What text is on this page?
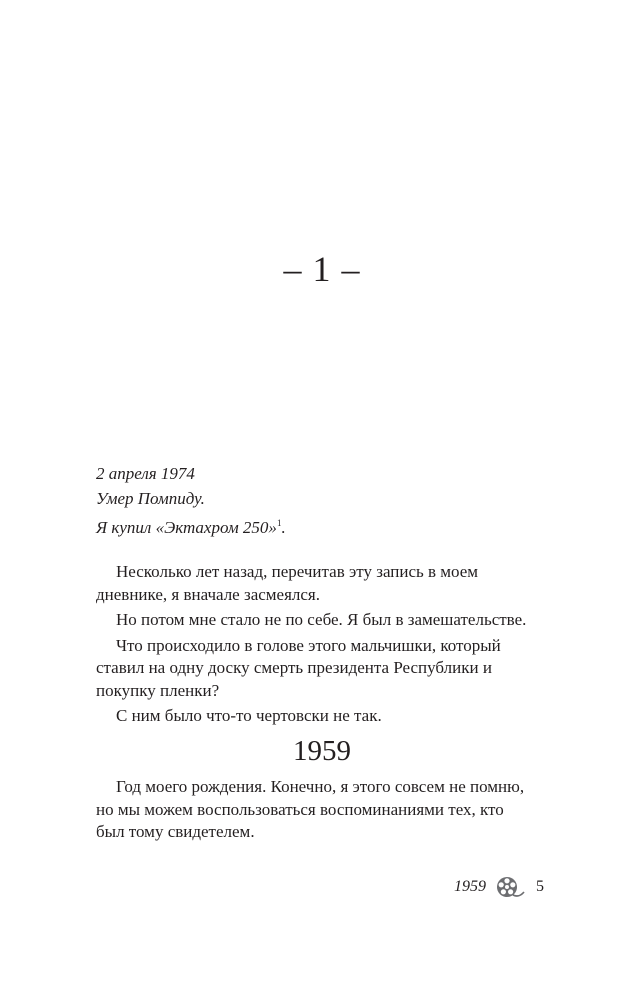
– 1 –
2 апреля 1974
Умер Помпиду.
Я купил «Эктахром 250»$^1$.

Несколько лет назад, перечитав эту запись в моем дневнике, я вначале засмеялся.

Но потом мне стало не по себе. Я был в замешательстве.

Что происходило в голове этого мальчишки, который ставил на одну доску смерть президента Республики и покупку пленки?

С ним было что-то чертовски не так.

1959

Год моего рождения. Конечно, я этого совсем не помню, но мы можем воспользоваться воспоминаниями тех, кто был тому свидетелем.

1959	5
